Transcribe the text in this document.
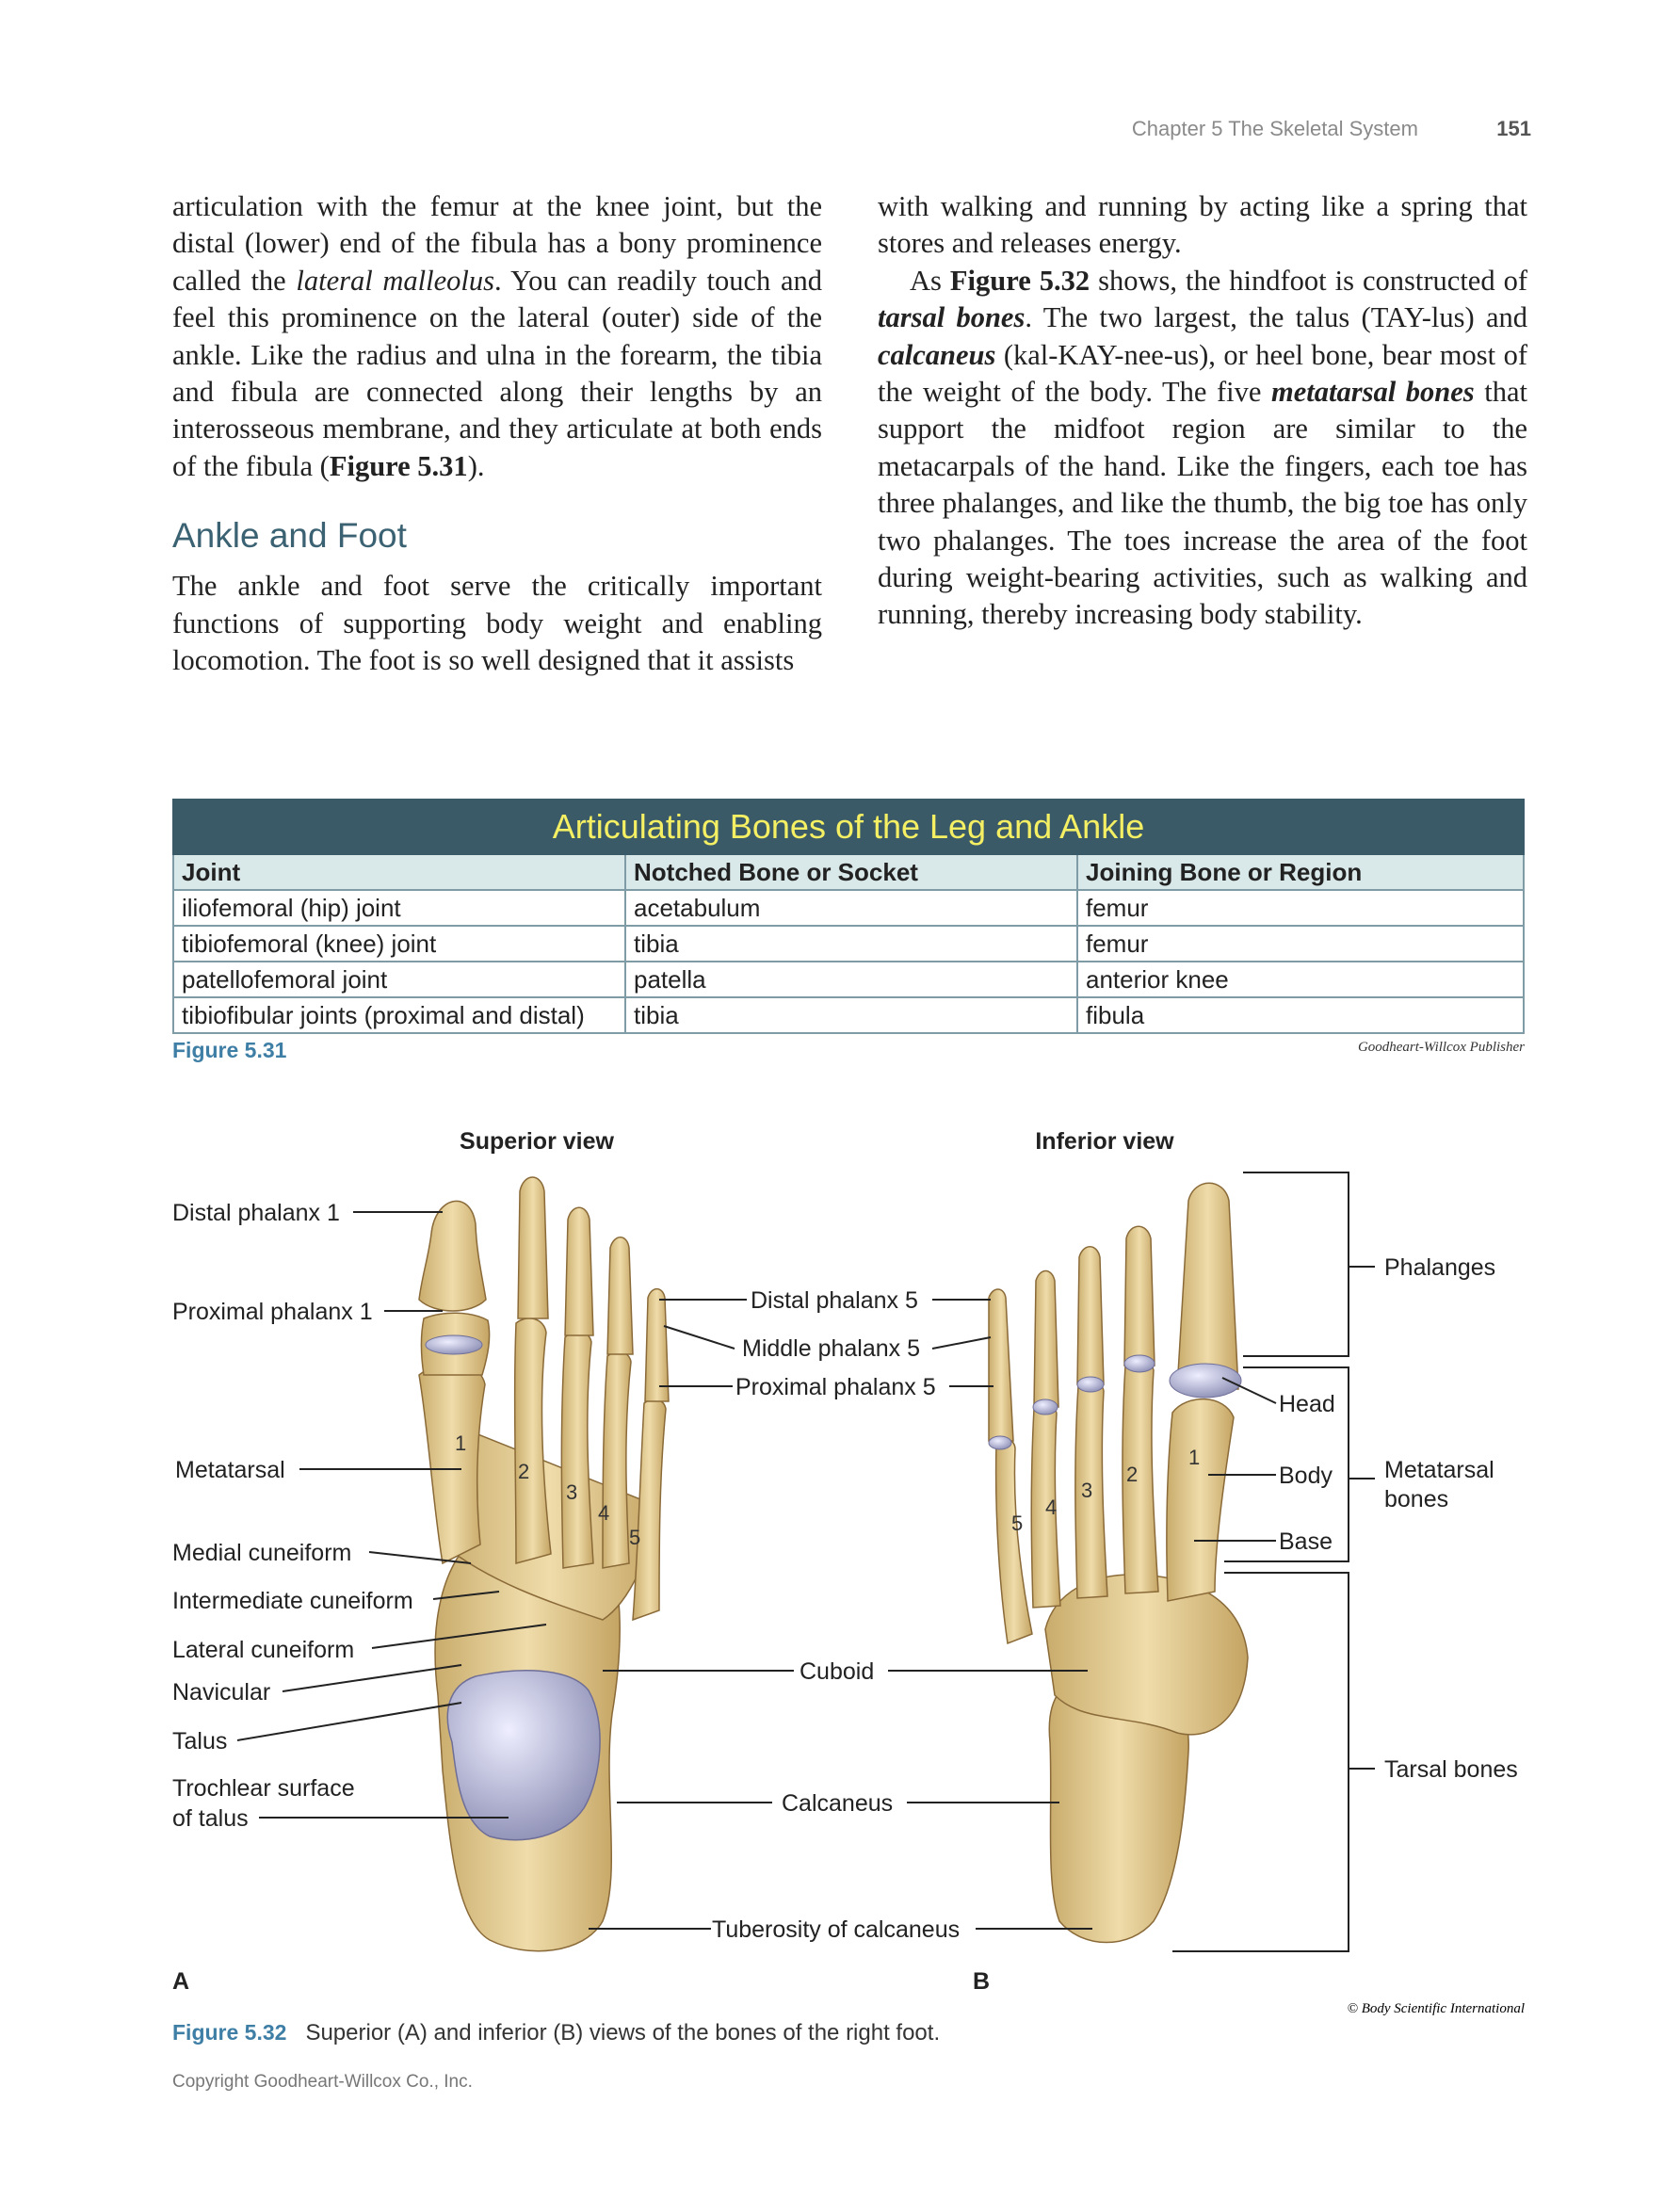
Chapter 5 The Skeletal System	151

articulation with the femur at the knee joint, but the distal (lower) end of the fibula has a bony prominence called the lateral malleolus. You can readily touch and feel this prominence on the lateral (outer) side of the ankle. Like the radius and ulna in the forearm, the tibia and fibula are connected along their lengths by an interosseous membrane, and they articulate at both ends of the fibula (Figure 5.31).

Ankle and Foot

The ankle and foot serve the critically important functions of supporting body weight and enabling locomotion. The foot is so well designed that it assists

with walking and running by acting like a spring that stores and releases energy.

As Figure 5.32 shows, the hindfoot is constructed of tarsal bones. The two largest, the talus (TAY-lus) and calcaneus (kal-KAY-nee-us), or heel bone, bear most of the weight of the body. The five metatarsal bones that support the midfoot region are similar to the metacarpals of the hand. Like the fingers, each toe has three phalanges, and like the thumb, the big toe has only two phalanges. The toes increase the area of the foot during weight-bearing activities, such as walking and running, thereby increasing body stability.

Articulating Bones of the Leg and Ankle		
Joint	Notched Bone or Socket	Joining Bone or Region
iliofemoral (hip) joint	acetabulum	femur
tibiofemoral (knee) joint	tibia	femur
patellofemoral joint	patella	anterior knee
tibiofibular joints (proximal and distal)	tibia	fibula
Figure 5.31	Goodheart-Willcox Publisher
Superior view	Inferior view
1
2
3
4
5
1
2
3
4
5
Distal phalanx 1
Proximal phalanx 1
Metatarsal
Medial cuneiform
Intermediate cuneiform
Lateral cuneiform
Navicular
Talus
Trochlear surface
of talus
Distal phalanx 5
Middle phalanx 5
Proximal phalanx 5
Cuboid
Calcaneus
Tuberosity of calcaneus
Phalanges
Head
Body
Base
Metatarsal
bones
Tarsal bones
A	B
© Body Scientific International
Figure 5.32 Superior (A) and inferior (B) views of the bones of the right foot.
Copyright Goodheart-Willcox Co., Inc.
